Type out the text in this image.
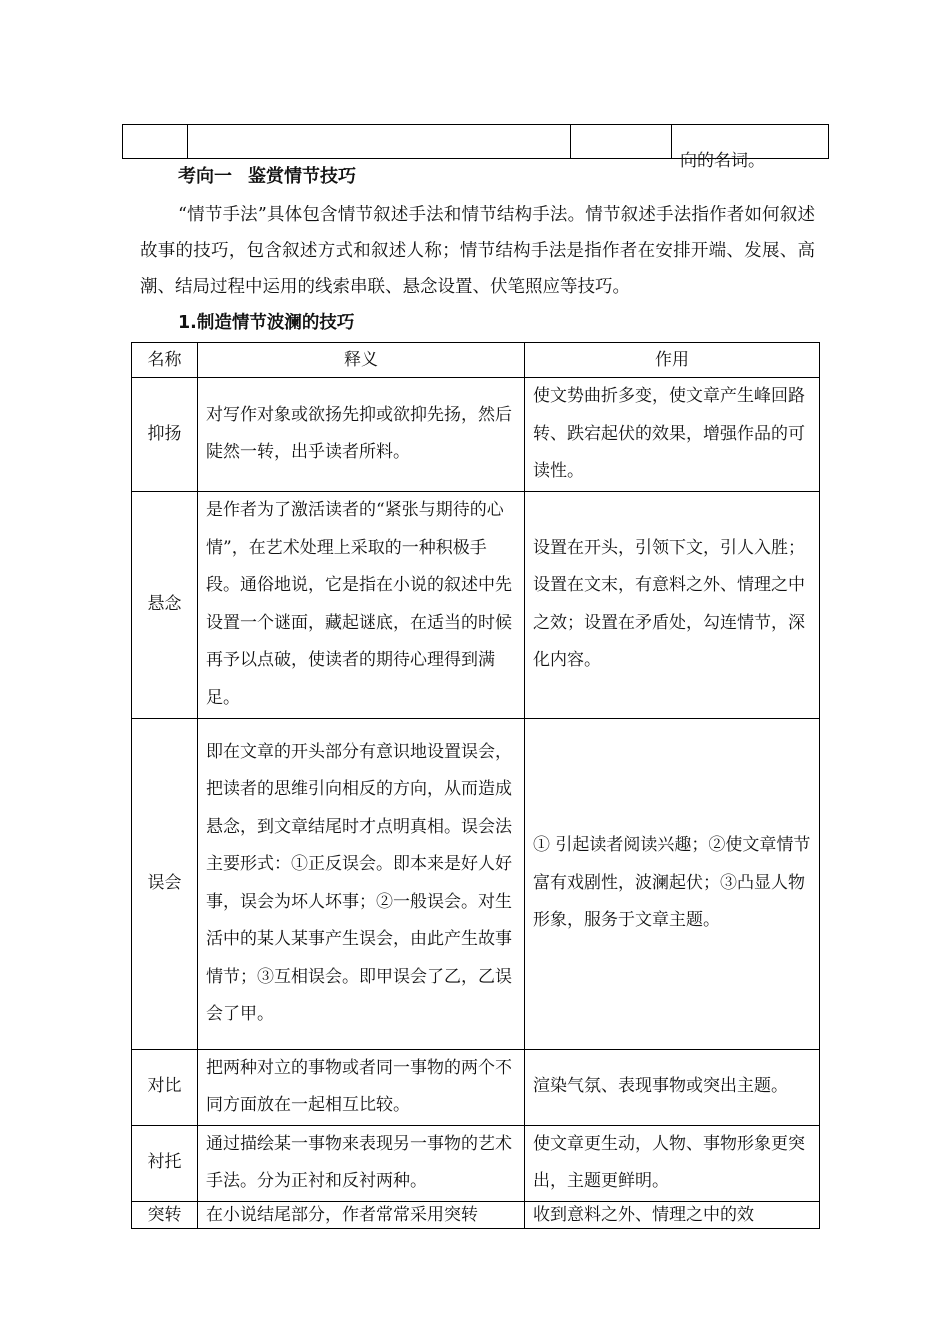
向的名词。
考向一 鉴赏情节技巧
“情节手法”具体包含情节叙述手法和情节结构手法。情节叙述手法指作者如何叙述故事的技巧，包含叙述方式和叙述人称；情节结构手法是指作者在安排开端、发展、高潮、结局过程中运用的线索串联、悬念设置、伏笔照应等技巧。
1.制造情节波澜的技巧
名称	释义	作用
抑扬	对写作对象或欲扬先抑或欲抑先扬，然后陡然一转，出乎读者所料。	使文势曲折多变，使文章产生峰回路转、跌宕起伏的效果，增强作品的可读性。
悬念	是作者为了激活读者的“紧张与期待的心情”，在艺术处理上采取的一种积极手段。通俗地说，它是指在小说的叙述中先设置一个谜面，藏起谜底，在适当的时候再予以点破，使读者的期待心理得到满足。	设置在开头，引领下文，引人入胜；设置在文末，有意料之外、情理之中之效；设置在矛盾处，勾连情节，深化内容。
误会	即在文章的开头部分有意识地设置误会，把读者的思维引向相反的方向，从而造成悬念，到文章结尾时才点明真相。误会法主要形式：①正反误会。即本来是好人好事，误会为坏人坏事；②一般误会。对生活中的某人某事产生误会，由此产生故事情节；③互相误会。即甲误会了乙，乙误会了甲。	① 引起读者阅读兴趣；②使文章情节富有戏剧性，波澜起伏；③凸显人物形象，服务于文章主题。
对比	把两种对立的事物或者同一事物的两个不同方面放在一起相互比较。	渲染气氛、表现事物或突出主题。
衬托	通过描绘某一事物来表现另一事物的艺术手法。分为正衬和反衬两种。	使文章更生动，人物、事物形象更突出，主题更鲜明。
突转	在小说结尾部分，作者常常采用突转	收到意料之外、情理之中的效
